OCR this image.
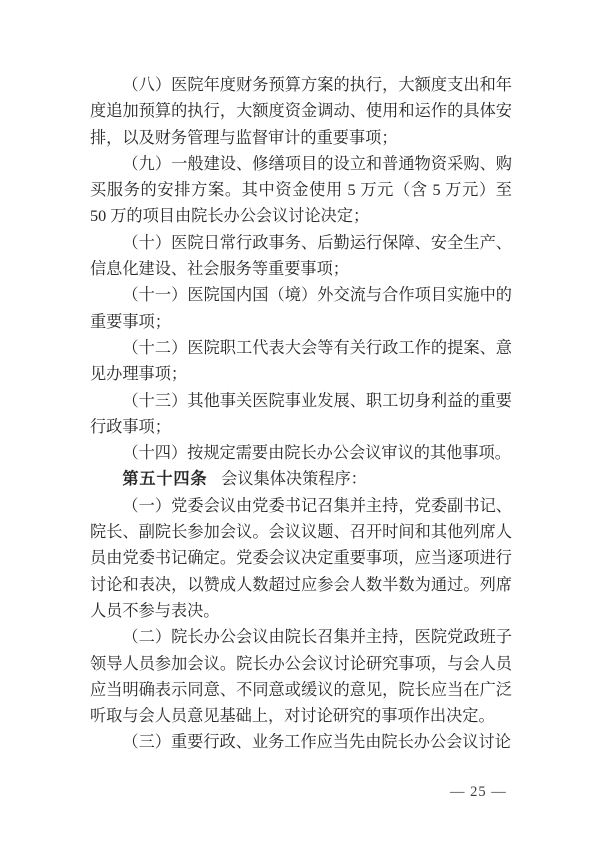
（八）医院年度财务预算方案的执行，大额度支出和年度追加预算的执行，大额度资金调动、使用和运作的具体安排，以及财务管理与监督审计的重要事项；

（九）一般建设、修缮项目的设立和普通物资采购、购买服务的安排方案。其中资金使用 5 万元（含 5 万元）至 50 万的项目由院长办公会议讨论决定；

（十）医院日常行政事务、后勤运行保障、安全生产、信息化建设、社会服务等重要事项；

（十一）医院国内国（境）外交流与合作项目实施中的重要事项；

（十二）医院职工代表大会等有关行政工作的提案、意见办理事项；

（十三）其他事关医院事业发展、职工切身利益的重要行政事项；

（十四）按规定需要由院长办公会议审议的其他事项。

第五十四条 会议集体决策程序：

（一）党委会议由党委书记召集并主持，党委副书记、院长、副院长参加会议。会议议题、召开时间和其他列席人员由党委书记确定。党委会议决定重要事项，应当逐项进行讨论和表决，以赞成人数超过应参会人数半数为通过。列席人员不参与表决。

（二）院长办公会议由院长召集并主持，医院党政班子领导人员参加会议。院长办公会议讨论研究事项，与会人员应当明确表示同意、不同意或缓议的意见，院长应当在广泛听取与会人员意见基础上，对讨论研究的事项作出决定。

（三）重要行政、业务工作应当先由院长办公会议讨论

— 25 —
